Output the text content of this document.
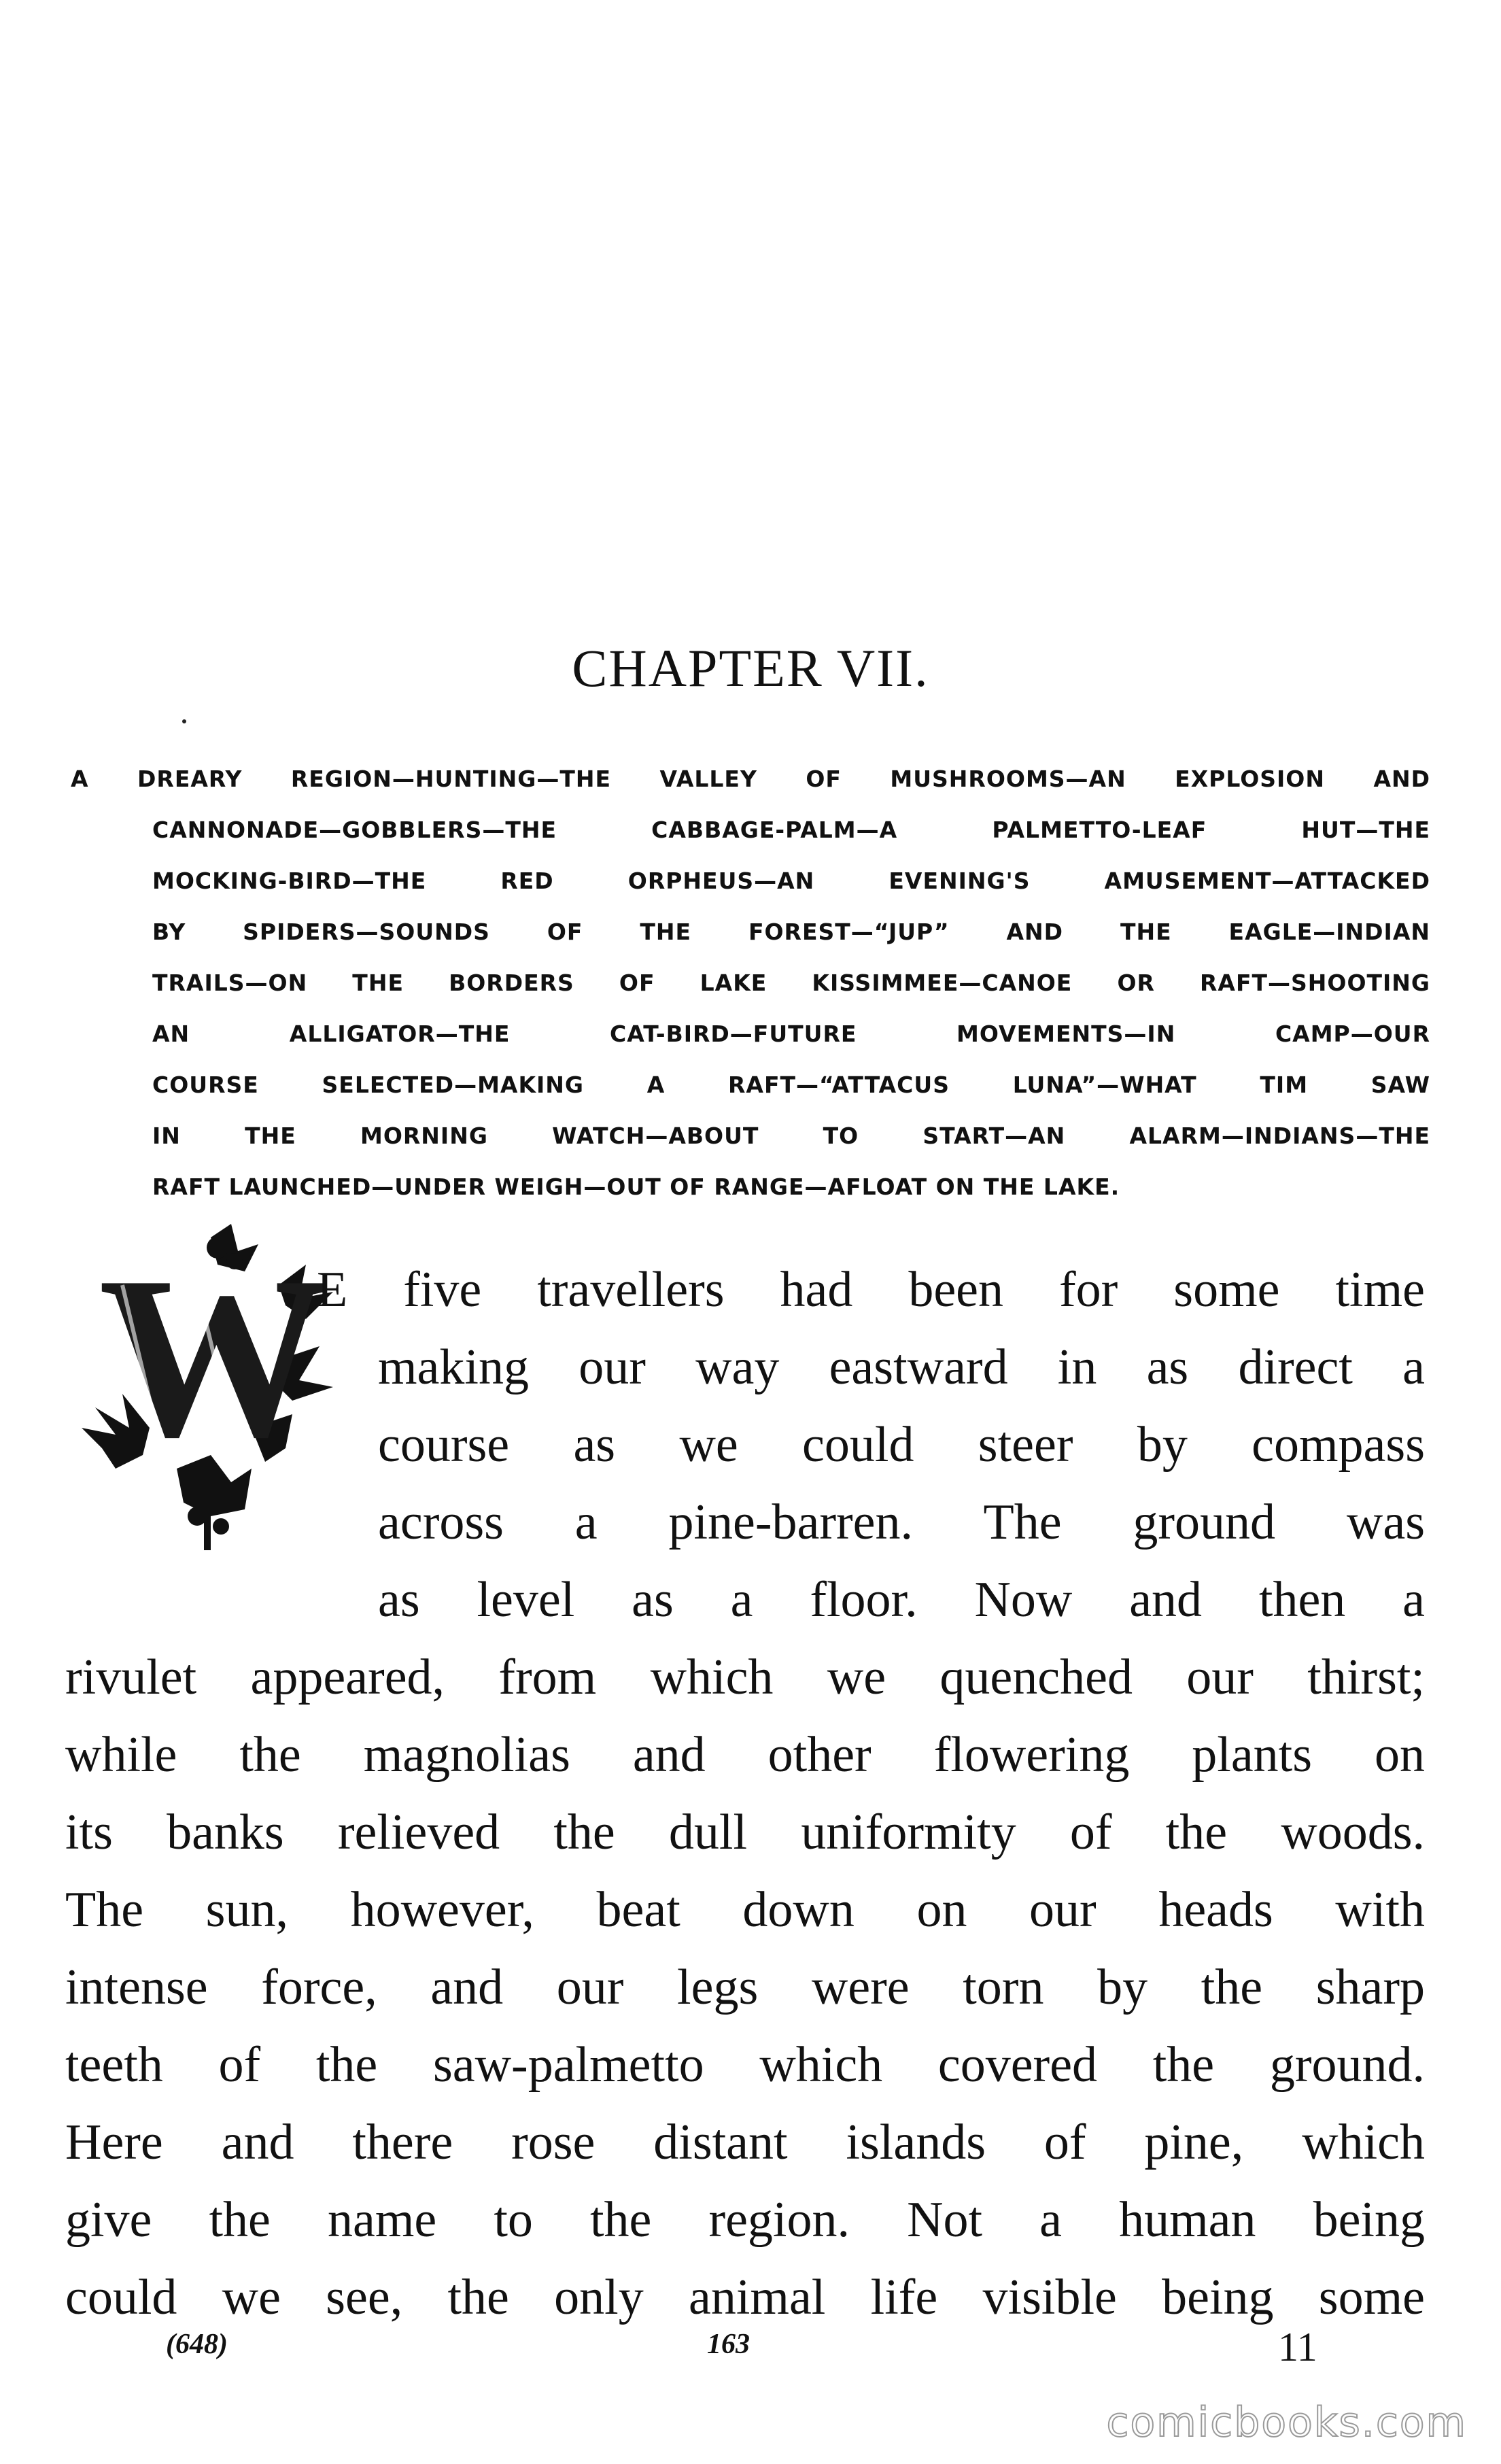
CHAPTER VII.
A DREARY REGION—HUNTING—THE VALLEY OF MUSHROOMS—AN EXPLOSION AND
CANNONADE—GOBBLERS—THE CABBAGE-PALM—A PALMETTO-LEAF HUT—THE
MOCKING-BIRD—THE RED ORPHEUS—AN EVENING'S AMUSEMENT—ATTACKED
BY SPIDERS—SOUNDS OF THE FOREST—“JUP” AND THE EAGLE—INDIAN
TRAILS—ON THE BORDERS OF LAKE KISSIMMEE—CANOE OR RAFT—SHOOTING
AN ALLIGATOR—THE CAT-BIRD—FUTURE MOVEMENTS—IN CAMP—OUR
COURSE SELECTED—MAKING A RAFT—“ATTACUS LUNA”—WHAT TIM SAW
IN THE MORNING WATCH—ABOUT TO START—AN ALARM—INDIANS—THE
RAFT LAUNCHED—UNDER WEIGH—OUT OF RANGE—AFLOAT ON THE LAKE.
W
E five travellers had been for some time
making our way eastward in as direct a
course as we could steer by compass
across a pine-barren. The ground was
as level as a floor. Now and then a
rivulet appeared, from which we quenched our thirst;
while the magnolias and other flowering plants on
its banks relieved the dull uniformity of the woods.
The sun, however, beat down on our heads with
intense force, and our legs were torn by the sharp
teeth of the saw-palmetto which covered the ground.
Here and there rose distant islands of pine, which
give the name to the region. Not a human being
could we see, the only animal life visible being some
(648)	163	11
comicbooks.com
